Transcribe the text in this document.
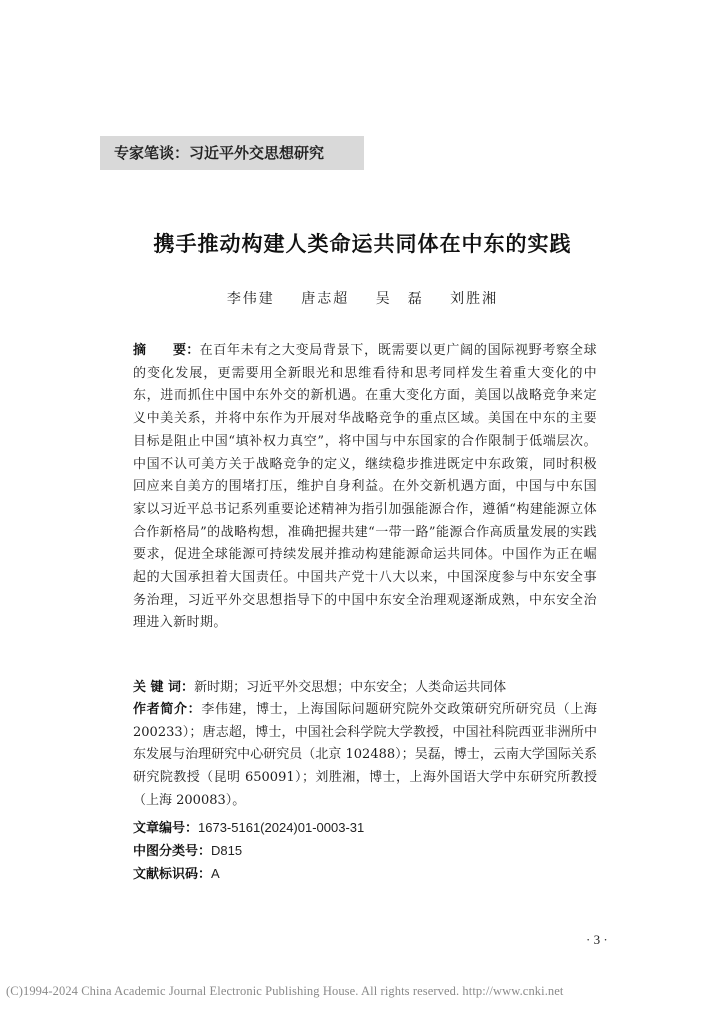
专家笔谈：习近平外交思想研究
携手推动构建人类命运共同体在中东的实践
李伟建 唐志超 吴　磊 刘胜湘
摘　　要：在百年未有之大变局背景下，既需要以更广阔的国际视野考察全球的变化发展，更需要用全新眼光和思维看待和思考同样发生着重大变化的中东，进而抓住中国中东外交的新机遇。在重大变化方面，美国以战略竞争来定义中美关系，并将中东作为开展对华战略竞争的重点区域。美国在中东的主要目标是阻止中国“填补权力真空”，将中国与中东国家的合作限制于低端层次。中国不认可美方关于战略竞争的定义，继续稳步推进既定中东政策，同时积极回应来自美方的围堵打压，维护自身利益。在外交新机遇方面，中国与中东国家以习近平总书记系列重要论述精神为指引加强能源合作，遵循“构建能源立体合作新格局”的战略构想，准确把握共建“一带一路”能源合作高质量发展的实践要求，促进全球能源可持续发展并推动构建能源命运共同体。中国作为正在崛起的大国承担着大国责任。中国共产党十八大以来，中国深度参与中东安全事务治理，习近平外交思想指导下的中国中东安全治理观逐渐成熟，中东安全治理进入新时期。
关 键 词：新时期；习近平外交思想；中东安全；人类命运共同体
作者简介：李伟建，博士，上海国际问题研究院外交政策研究所研究员（上海　200233）；唐志超，博士，中国社会科学院大学教授，中国社科院西亚非洲所中东发展与治理研究中心研究员（北京 102488）；吴磊，博士，云南大学国际关系研究院教授（昆明 650091）；刘胜湘，博士，上海外国语大学中东研究所教授（上海 200083）。
文章编号：1673-5161(2024)01-0003-31
中图分类号：D815
文献标识码：A
· 3 ·
(C)1994-2024 China Academic Journal Electronic Publishing House. All rights reserved. http://www.cnki.net
